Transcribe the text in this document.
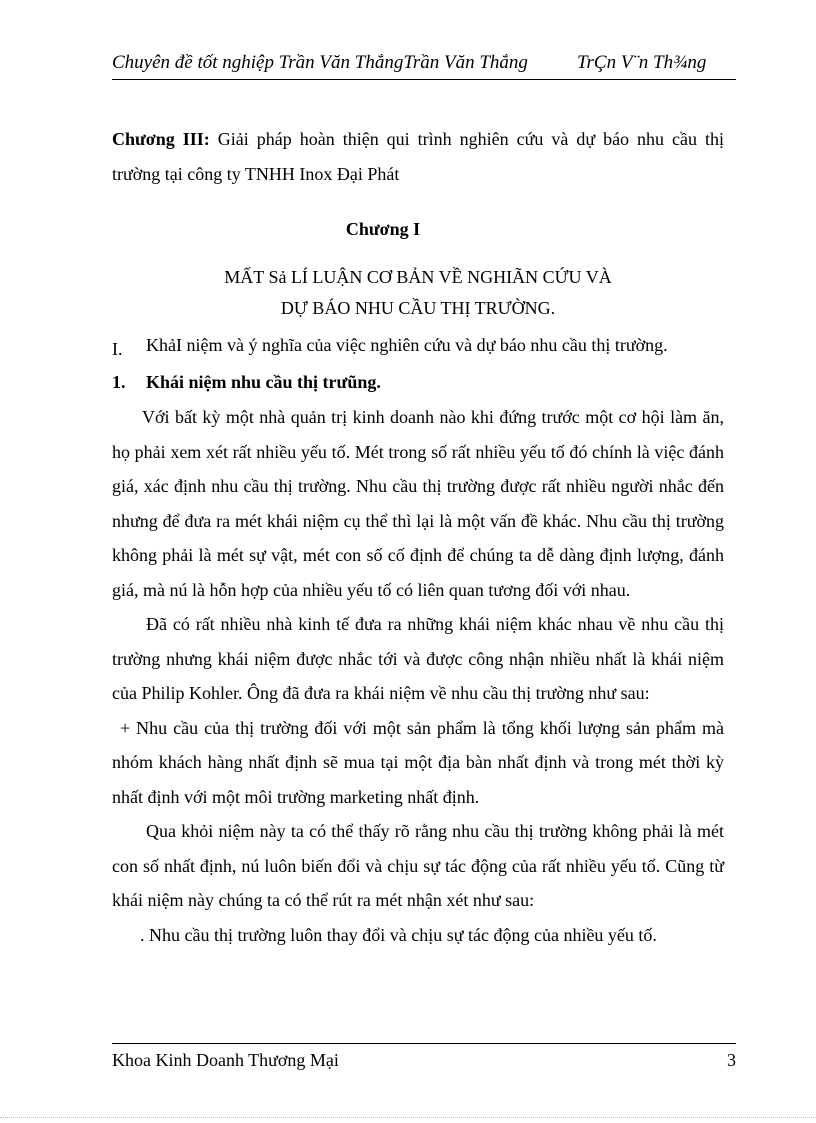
Chuyên đề tốt nghiệp Trần Văn ThắngTrần Văn Thắng	TrÇn V¨n Th¾ng

Chương III: Giải pháp hoàn thiện qui trình nghiên cứu và dự báo nhu cầu thị trường tại công ty TNHH Inox Đại Phát

Chương I

MẤT Sả LÍ LUẬN CƠ BẢN VỀ NGHIÃN CỨU VÀ

DỰ BÁO NHU CẦU THỊ TRƯỜNG.

I. KhảI niệm và ý nghĩa của việc nghiên cứu và dự báo nhu cầu thị trường.

1. Khái niệm nhu cầu thị trưũng.

Với bất kỳ một nhà quản trị kinh doanh nào khi đứng trước một cơ hội làm ăn, họ phải xem xét rất nhiều yếu tố. Mét trong số rất nhiều yếu tố đó chính là việc đánh giá, xác định nhu cầu thị trường. Nhu cầu thị trường được rất nhiều người nhắc đến nhưng để đưa ra mét khái niệm cụ thể thì lại là một vấn đề khác. Nhu cầu thị trường không phải là mét sự vật, mét con số cố định để chúng ta dễ dàng định lượng, đánh giá, mà nú là hỗn hợp của nhiều yếu tố có liên quan tương đối với nhau.

Đã có rất nhiều nhà kinh tế đưa ra những khái niệm khác nhau về nhu cầu thị trường nhưng khái niệm được nhắc tới và được công nhận nhiều nhất là khái niệm của Philip Kohler. Ông đã đưa ra khái niệm về nhu cầu thị trường như sau:

+ Nhu cầu của thị trường đối với một sản phẩm là tổng khối lượng sản phẩm mà nhóm khách hàng nhất định sẽ mua tại một địa bàn nhất định và trong mét thời kỳ nhất định với một môi trường marketing nhất định.

Qua khỏi niệm này ta có thể thấy rõ rằng nhu cầu thị trường không phải là mét con số nhất định, nú luôn biến đổi và chịu sự tác động của rất nhiều yếu tố. Cũng từ khái niệm này chúng ta có thể rút ra mét nhận xét như sau:

. Nhu cầu thị trường luôn thay đổi và chịu sự tác động của nhiều yếu tố.

Khoa Kinh Doanh Thương Mại	3
